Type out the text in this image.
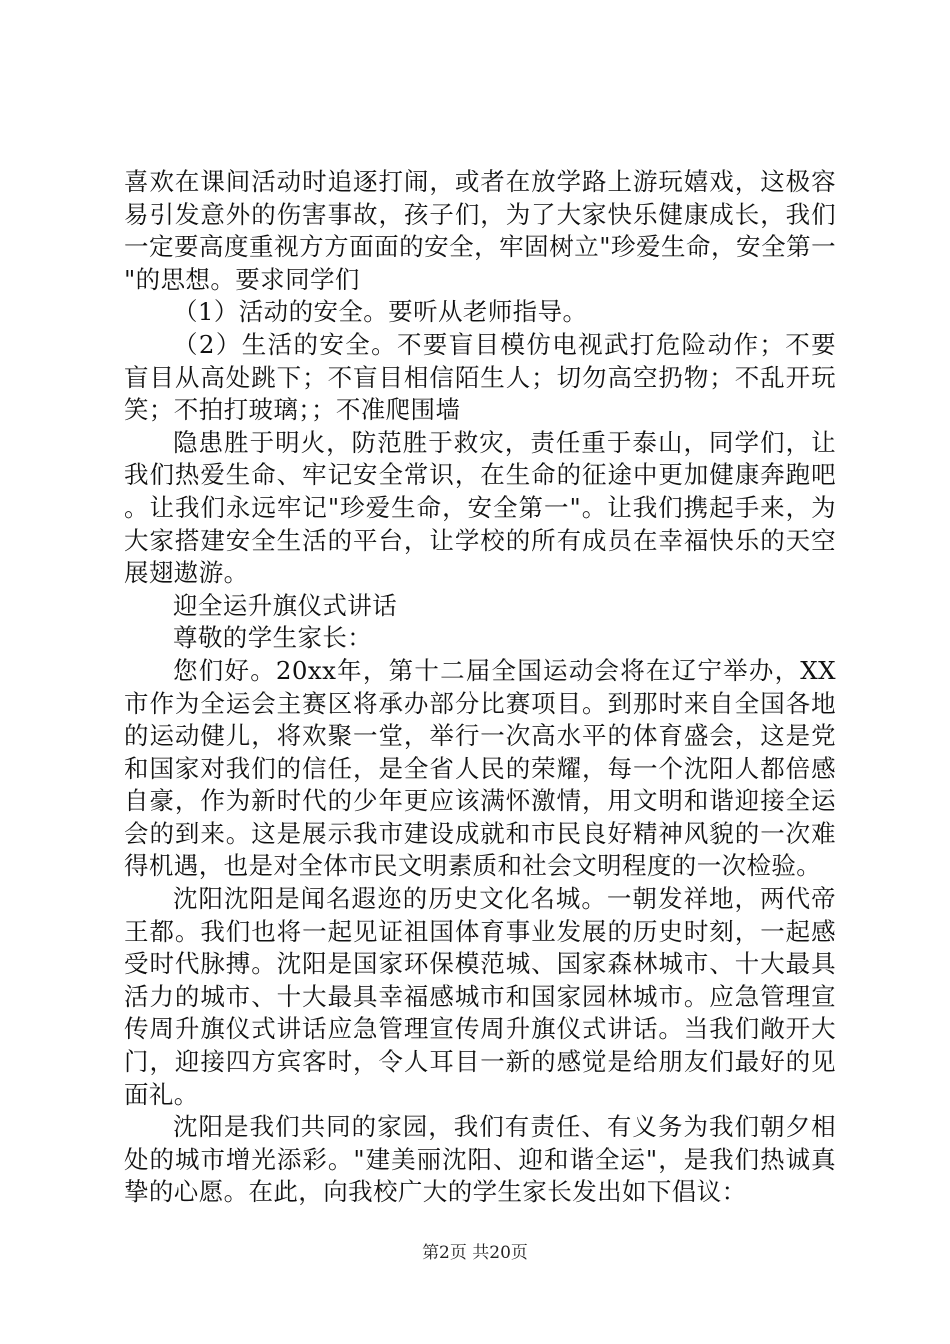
喜欢在课间活动时追逐打闹，或者在放学路上游玩嬉戏，这极容易引发意外的伤害事故，孩子们，为了大家快乐健康成长，我们一定要高度重视方方面面的安全，牢固树立"珍爱生命，安全第一"的思想。要求同学们

（1）活动的安全。要听从老师指导。

（2）生活的安全。不要盲目模仿电视武打危险动作；不要盲目从高处跳下；不盲目相信陌生人；切勿高空扔物；不乱开玩笑；不拍打玻璃；；不准爬围墙

隐患胜于明火，防范胜于救灾，责任重于泰山，同学们，让我们热爱生命、牢记安全常识，在生命的征途中更加健康奔跑吧。让我们永远牢记"珍爱生命，安全第一"。让我们携起手来，为大家搭建安全生活的平台，让学校的所有成员在幸福快乐的天空展翅遨游。

迎全运升旗仪式讲话

尊敬的学生家长：

您们好。20xx年，第十二届全国运动会将在辽宁举办，XX市作为全运会主赛区将承办部分比赛项目。到那时来自全国各地的运动健儿，将欢聚一堂，举行一次高水平的体育盛会，这是党和国家对我们的信任，是全省人民的荣耀，每一个沈阳人都倍感自豪，作为新时代的少年更应该满怀激情，用文明和谐迎接全运会的到来。这是展示我市建设成就和市民良好精神风貌的一次难得机遇，也是对全体市民文明素质和社会文明程度的一次检验。

沈阳沈阳是闻名遐迩的历史文化名城。一朝发祥地，两代帝王都。我们也将一起见证祖国体育事业发展的历史时刻，一起感受时代脉搏。沈阳是国家环保模范城、国家森林城市、十大最具活力的城市、十大最具幸福感城市和国家园林城市。应急管理宣传周升旗仪式讲话应急管理宣传周升旗仪式讲话。当我们敞开大门，迎接四方宾客时，令人耳目一新的感觉是给朋友们最好的见面礼。

沈阳是我们共同的家园，我们有责任、有义务为我们朝夕相处的城市增光添彩。"建美丽沈阳、迎和谐全运"，是我们热诚真挚的心愿。在此，向我校广大的学生家长发出如下倡议：

第2页 共20页
